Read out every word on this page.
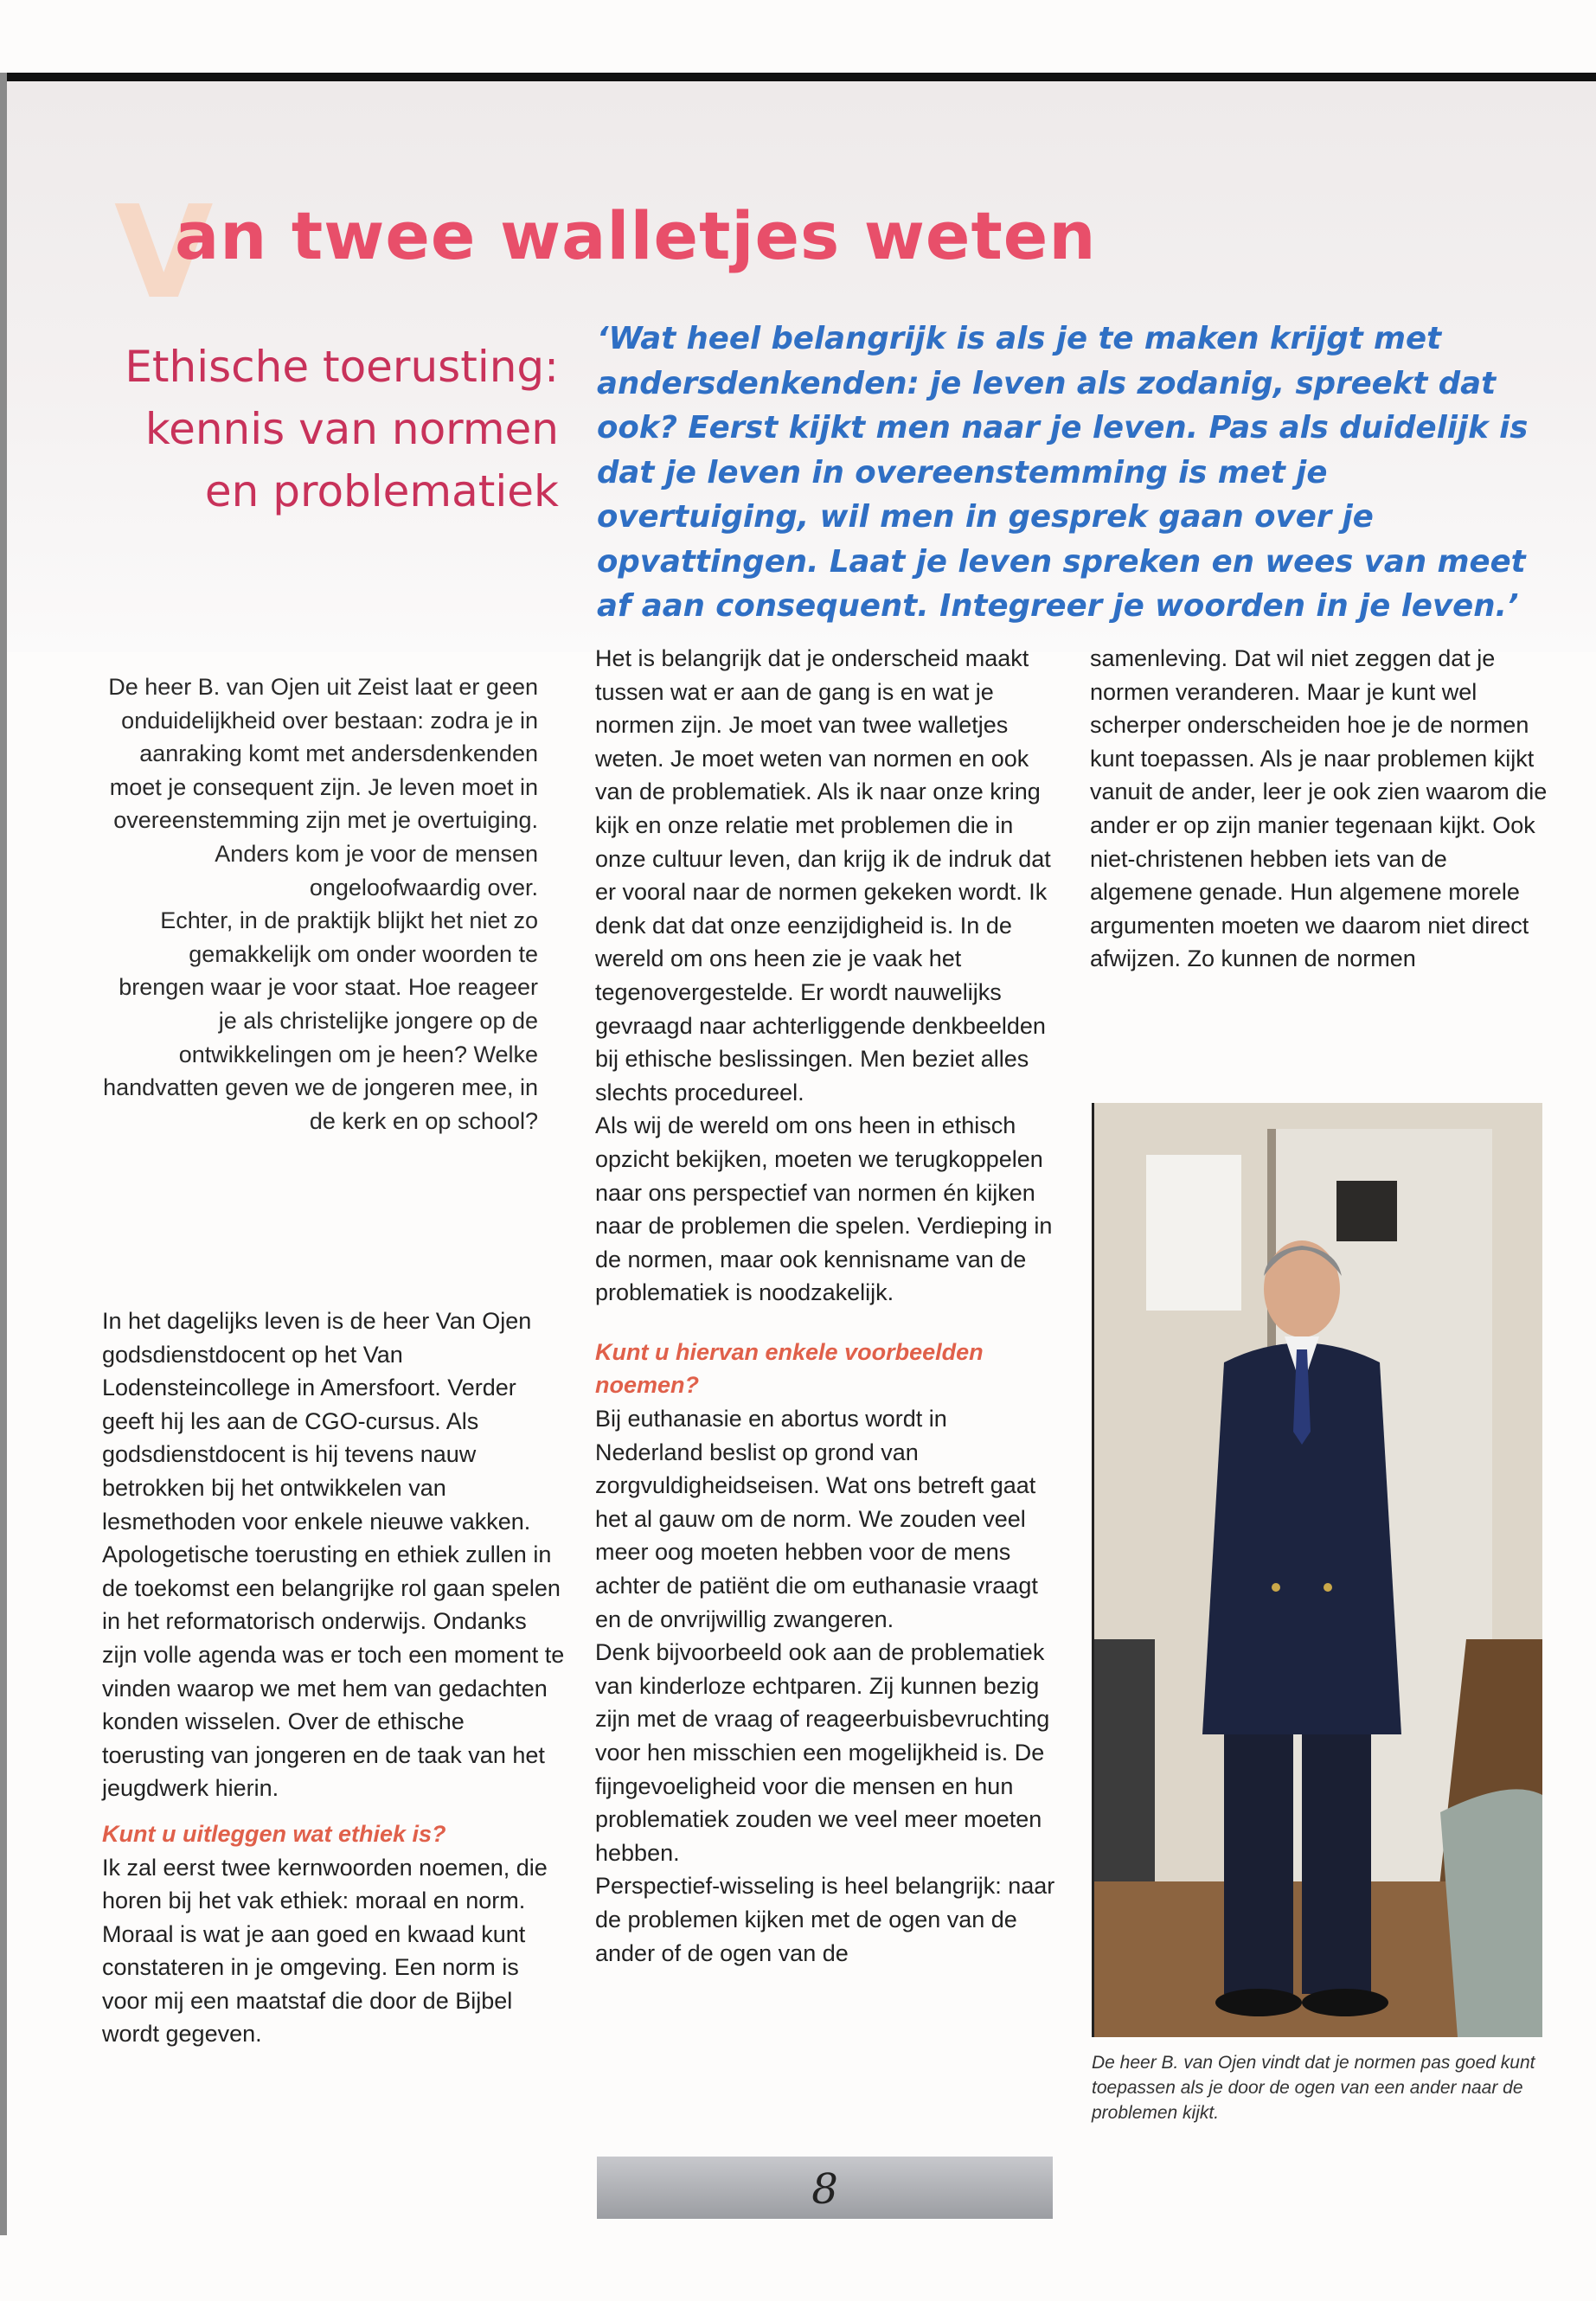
V
an twee walletjes weten
Ethische toerusting: kennis van normen en problematiek

‘Wat heel belangrijk is als je te maken krijgt met andersdenkenden: je leven als zodanig, spreekt dat ook? Eerst kijkt men naar je leven. Pas als duidelijk is dat je leven in overeenstemming is met je overtuiging, wil men in gesprek gaan over je opvattingen. Laat je leven spreken en wees van meet af aan consequent. Integreer je woorden in je leven.’

De heer B. van Ojen uit Zeist laat er geen onduidelijkheid over bestaan: zodra je in aanraking komt met andersdenkenden moet je consequent zijn. Je leven moet in overeenstemming zijn met je overtuiging. Anders kom je voor de mensen ongeloofwaardig over.

Echter, in de praktijk blijkt het niet zo gemakkelijk om onder woorden te brengen waar je voor staat. Hoe reageer je als christelijke jongere op de ontwikkelingen om je heen? Welke handvatten geven we de jongeren mee, in de kerk en op school?

In het dagelijks leven is de heer Van Ojen godsdienstdocent op het Van Lodensteincollege in Amersfoort. Verder geeft hij les aan de CGO-cursus. Als godsdienstdocent is hij tevens nauw betrokken bij het ontwikkelen van lesmethoden voor enkele nieuwe vakken. Apologetische toerusting en ethiek zullen in de toekomst een belangrijke rol gaan spelen in het reformatorisch onderwijs. Ondanks zijn volle agenda was er toch een moment te vinden waarop we met hem van gedachten konden wisselen. Over de ethische toerusting van jongeren en de taak van het jeugdwerk hierin.

Kunt u uitleggen wat ethiek is?

Ik zal eerst twee kernwoorden noemen, die horen bij het vak ethiek: moraal en norm. Moraal is wat je aan goed en kwaad kunt constateren in je omgeving. Een norm is voor mij een maatstaf die door de Bijbel wordt gegeven.

Het is belangrijk dat je onderscheid maakt tussen wat er aan de gang is en wat je normen zijn. Je moet van twee walletjes weten. Je moet weten van normen en ook van de problematiek. Als ik naar onze kring kijk en onze relatie met problemen die in onze cultuur leven, dan krijg ik de indruk dat er vooral naar de normen gekeken wordt. Ik denk dat dat onze eenzijdigheid is. In de wereld om ons heen zie je vaak het tegenovergestelde. Er wordt nauwelijks gevraagd naar achterliggende denkbeelden bij ethische beslissingen. Men beziet alles slechts procedureel.

Als wij de wereld om ons heen in ethisch opzicht bekijken, moeten we terugkoppelen naar ons perspectief van normen én kijken naar de problemen die spelen. Verdieping in de normen, maar ook kennisname van de problematiek is noodzakelijk.

Kunt u hiervan enkele voorbeelden noemen?

Bij euthanasie en abortus wordt in Nederland beslist op grond van zorgvuldigheidseisen. Wat ons betreft gaat het al gauw om de norm. We zouden veel meer oog moeten hebben voor de mens achter de patiënt die om euthanasie vraagt en de onvrijwillig zwangeren.

Denk bijvoorbeeld ook aan de problematiek van kinderloze echtparen. Zij kunnen bezig zijn met de vraag of reageerbuisbevruchting voor hen misschien een mogelijkheid is. De fijngevoeligheid voor die mensen en hun problematiek zouden we veel meer moeten hebben.

Perspectief-wisseling is heel belangrijk: naar de problemen kijken met de ogen van de ander of de ogen van de

samenleving. Dat wil niet zeggen dat je normen veranderen. Maar je kunt wel scherper onderscheiden hoe je de normen kunt toepassen. Als je naar problemen kijkt vanuit de ander, leer je ook zien waarom die ander er op zijn manier tegenaan kijkt. Ook niet-christenen hebben iets van de algemene genade. Hun algemene morele argumenten moeten we daarom niet direct afwijzen. Zo kunnen de normen

De heer B. van Ojen vindt dat je normen pas goed kunt toepassen als je door de ogen van een ander naar de problemen kijkt.

8
